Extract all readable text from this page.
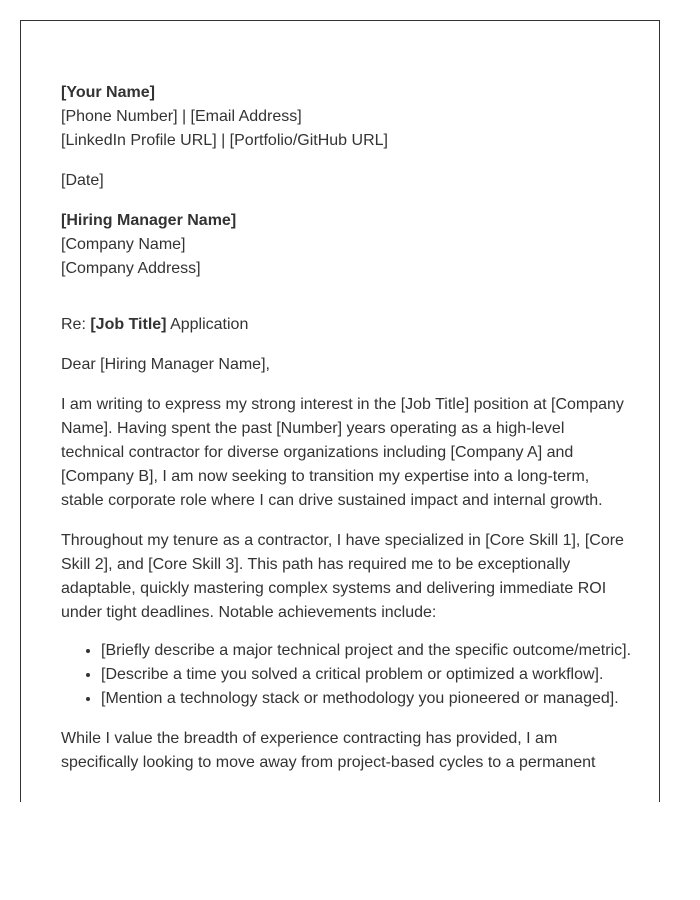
[Your Name]
[Phone Number] | [Email Address]
[LinkedIn Profile URL] | [Portfolio/GitHub URL]
[Date]
[Hiring Manager Name]
[Company Name]
[Company Address]
Re: [Job Title] Application

Dear [Hiring Manager Name],

I am writing to express my strong interest in the [Job Title] position at [Company Name]. Having spent the past [Number] years operating as a high-level technical contractor for diverse organizations including [Company A] and [Company B], I am now seeking to transition my expertise into a long-term, stable corporate role where I can drive sustained impact and internal growth.

Throughout my tenure as a contractor, I have specialized in [Core Skill 1], [Core Skill 2], and [Core Skill 3]. This path has required me to be exceptionally adaptable, quickly mastering complex systems and delivering immediate ROI under tight deadlines. Notable achievements include:

• [Briefly describe a major technical project and the specific outcome/metric].
• [Describe a time you solved a critical problem or optimized a workflow].
• [Mention a technology stack or methodology you pioneered or managed].

While I value the breadth of experience contracting has provided, I am specifically looking to move away from project-based cycles to a permanent
